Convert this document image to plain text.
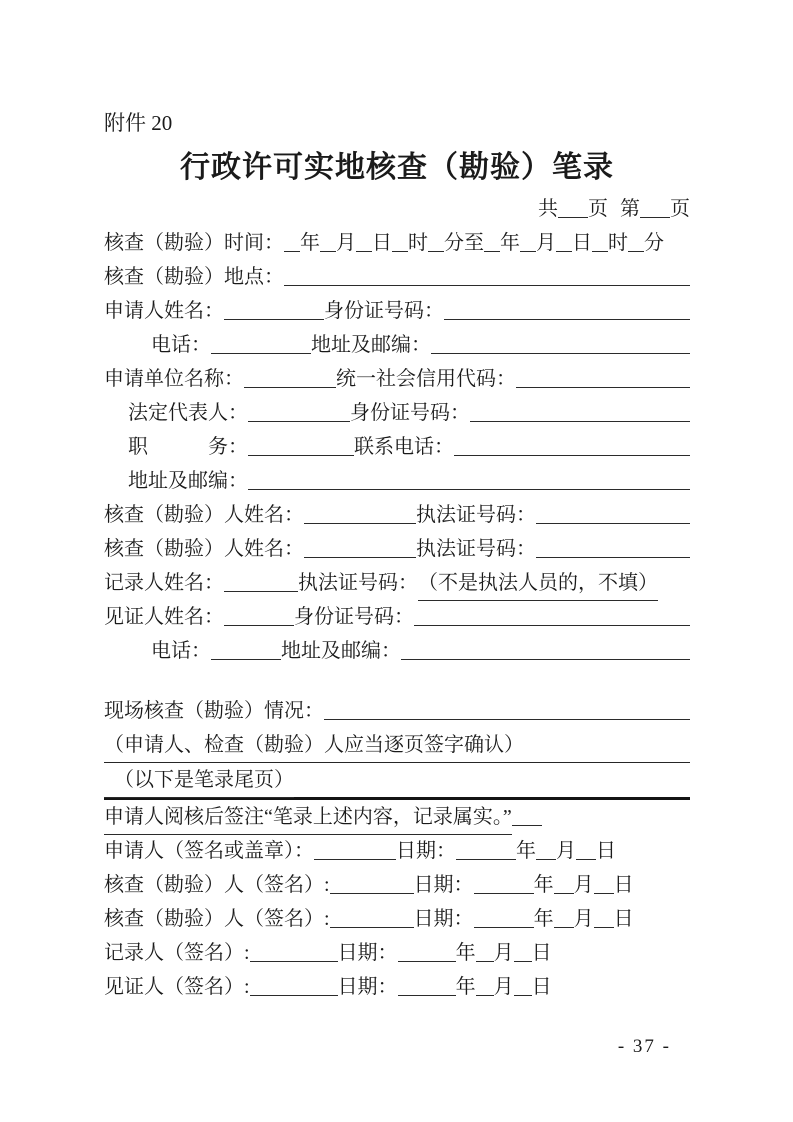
附件 20
行政许可实地核查（勘验）笔录
共 页 第 页
核查（勘验）时间： 年 月 日 时 分至 年 月 日 时 分
核查（勘验）地点：
申请人姓名：	身份证号码：
电话：	地址及邮编：
申请单位名称：	统一社会信用代码：
法定代表人：	身份证号码：
职　　　务：	联系电话：
地址及邮编：
核查（勘验）人姓名：	执法证号码：
核查（勘验）人姓名：	执法证号码：
记录人姓名：	执法证号码： （不是执法人员的，不填）
见证人姓名：	身份证号码：
电话：	地址及邮编：
现场核查（勘验）情况：
（申请人、检查（勘验）人应当逐页签字确认）
　（以下是笔录尾页）
申请人阅核后签注“笔录上述内容，记录属实。”
申请人（签名或盖章）：	日期：	年 月 日
核查（勘验）人（签名）:	日期：	年 月 日
核查（勘验）人（签名）:	日期：	年 月 日
记录人（签名）:	日期：	年 月 日
见证人（签名）:	日期：	年 月 日
- 37 -
